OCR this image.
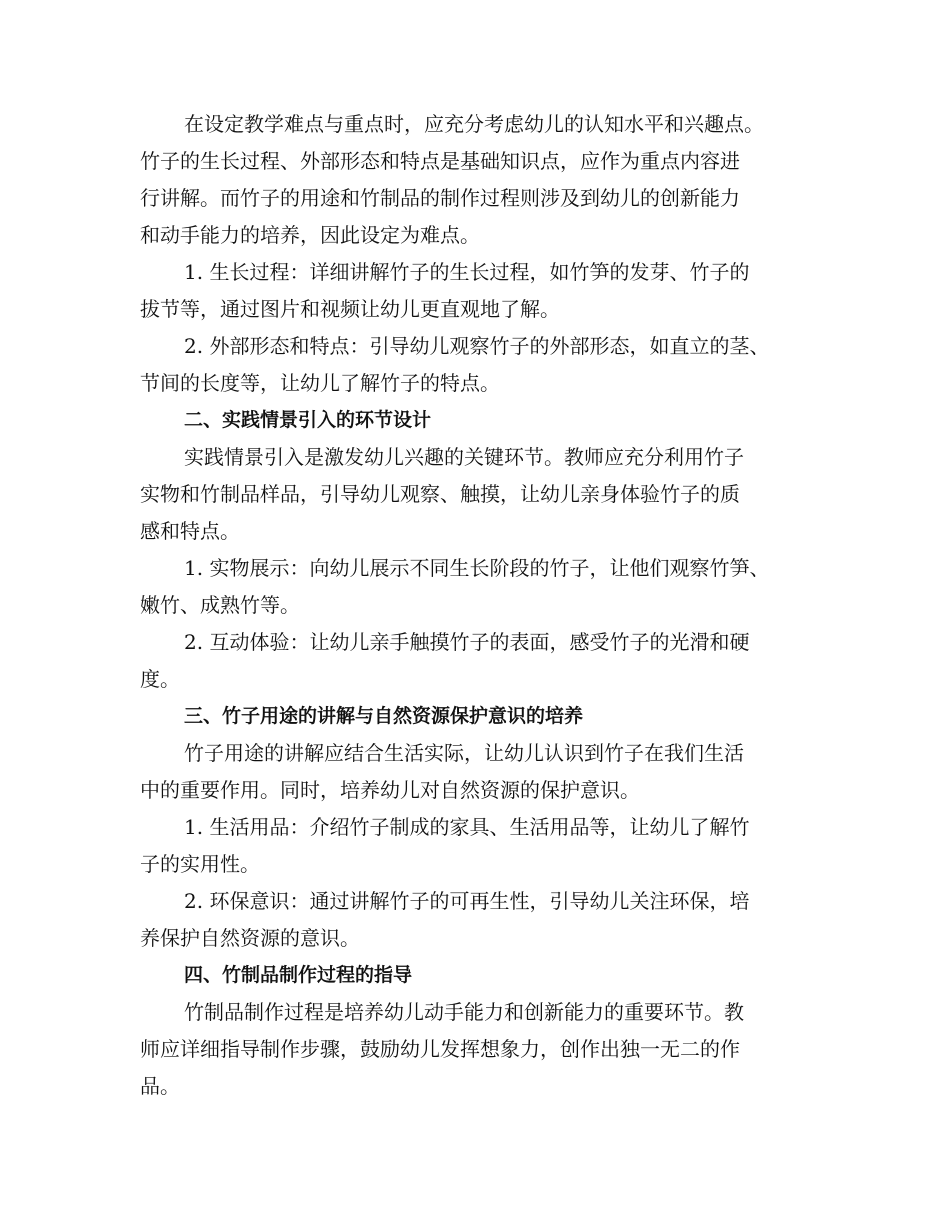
在设定教学难点与重点时，应充分考虑幼儿的认知水平和兴趣点。
竹子的生长过程、外部形态和特点是基础知识点，应作为重点内容进
行讲解。而竹子的用途和竹制品的制作过程则涉及到幼儿的创新能力
和动手能力的培养，因此设定为难点。
1. 生长过程：详细讲解竹子的生长过程，如竹笋的发芽、竹子的
拔节等，通过图片和视频让幼儿更直观地了解。
2. 外部形态和特点：引导幼儿观察竹子的外部形态，如直立的茎、
节间的长度等，让幼儿了解竹子的特点。
二、实践情景引入的环节设计
实践情景引入是激发幼儿兴趣的关键环节。教师应充分利用竹子
实物和竹制品样品，引导幼儿观察、触摸，让幼儿亲身体验竹子的质
感和特点。
1. 实物展示：向幼儿展示不同生长阶段的竹子，让他们观察竹笋、
嫩竹、成熟竹等。
2. 互动体验：让幼儿亲手触摸竹子的表面，感受竹子的光滑和硬
度。
三、竹子用途的讲解与自然资源保护意识的培养
竹子用途的讲解应结合生活实际，让幼儿认识到竹子在我们生活
中的重要作用。同时，培养幼儿对自然资源的保护意识。
1. 生活用品：介绍竹子制成的家具、生活用品等，让幼儿了解竹
子的实用性。
2. 环保意识：通过讲解竹子的可再生性，引导幼儿关注环保，培
养保护自然资源的意识。
四、竹制品制作过程的指导
竹制品制作过程是培养幼儿动手能力和创新能力的重要环节。教
师应详细指导制作步骤，鼓励幼儿发挥想象力，创作出独一无二的作
品。
